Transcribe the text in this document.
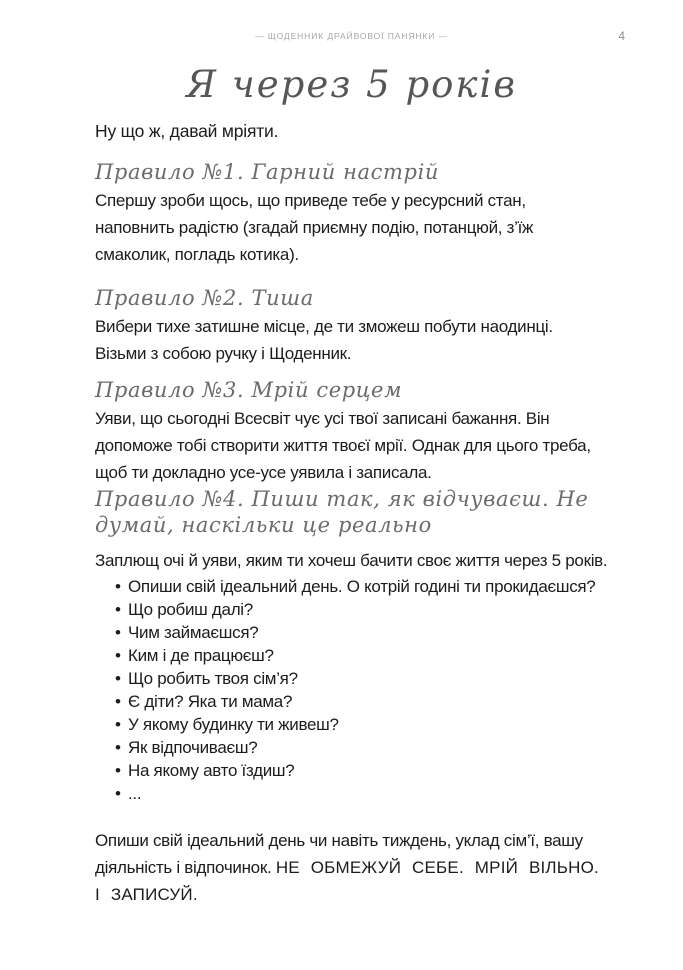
— ЩОДЕННИК ДРАЙВОВОЇ ПАНЯНКИ —	4
Я через 5 років

Ну що ж, давай мріяти.

Правило №1. Гарний настрій

Спершу зроби щось, що приведе тебе у ресурсний стан, наповнить радістю (згадай приємну подію, потанцюй, з’їж смаколик, погладь котика).

Правило №2. Тиша

Вибери тихе затишне місце, де ти зможеш побути наодинці. Візьми з собою ручку і Щоденник.

Правило №3. Мрій серцем

Уяви, що сьогодні Всесвіт чує усі твої записані бажання. Він допоможе тобі створити життя твоєї мрії. Однак для цього треба, щоб ти докладно усе-усе уявила і записала.

Правило №4. Пиши так, як відчуваєш. Не думай, наскільки це реально

Заплющ очі й уяви, яким ти хочеш бачити своє життя через 5 років.

• Опиши свій ідеальний день. О котрій годині ти прокидаєшся?
• Що робиш далі?
• Чим займаєшся?
• Ким і де працюєш?
• Що робить твоя сім’я?
• Є діти? Яка ти мама?
• У якому будинку ти живеш?
• Як відпочиваєш?
• На якому авто їздиш?
• ...

Опиши свій ідеальний день чи навіть тиждень, уклад сім’ї, вашу діяльність і відпочинок. НЕ ОБМЕЖУЙ СЕБЕ. МРІЙ ВІЛЬНО. І ЗАПИСУЙ.
